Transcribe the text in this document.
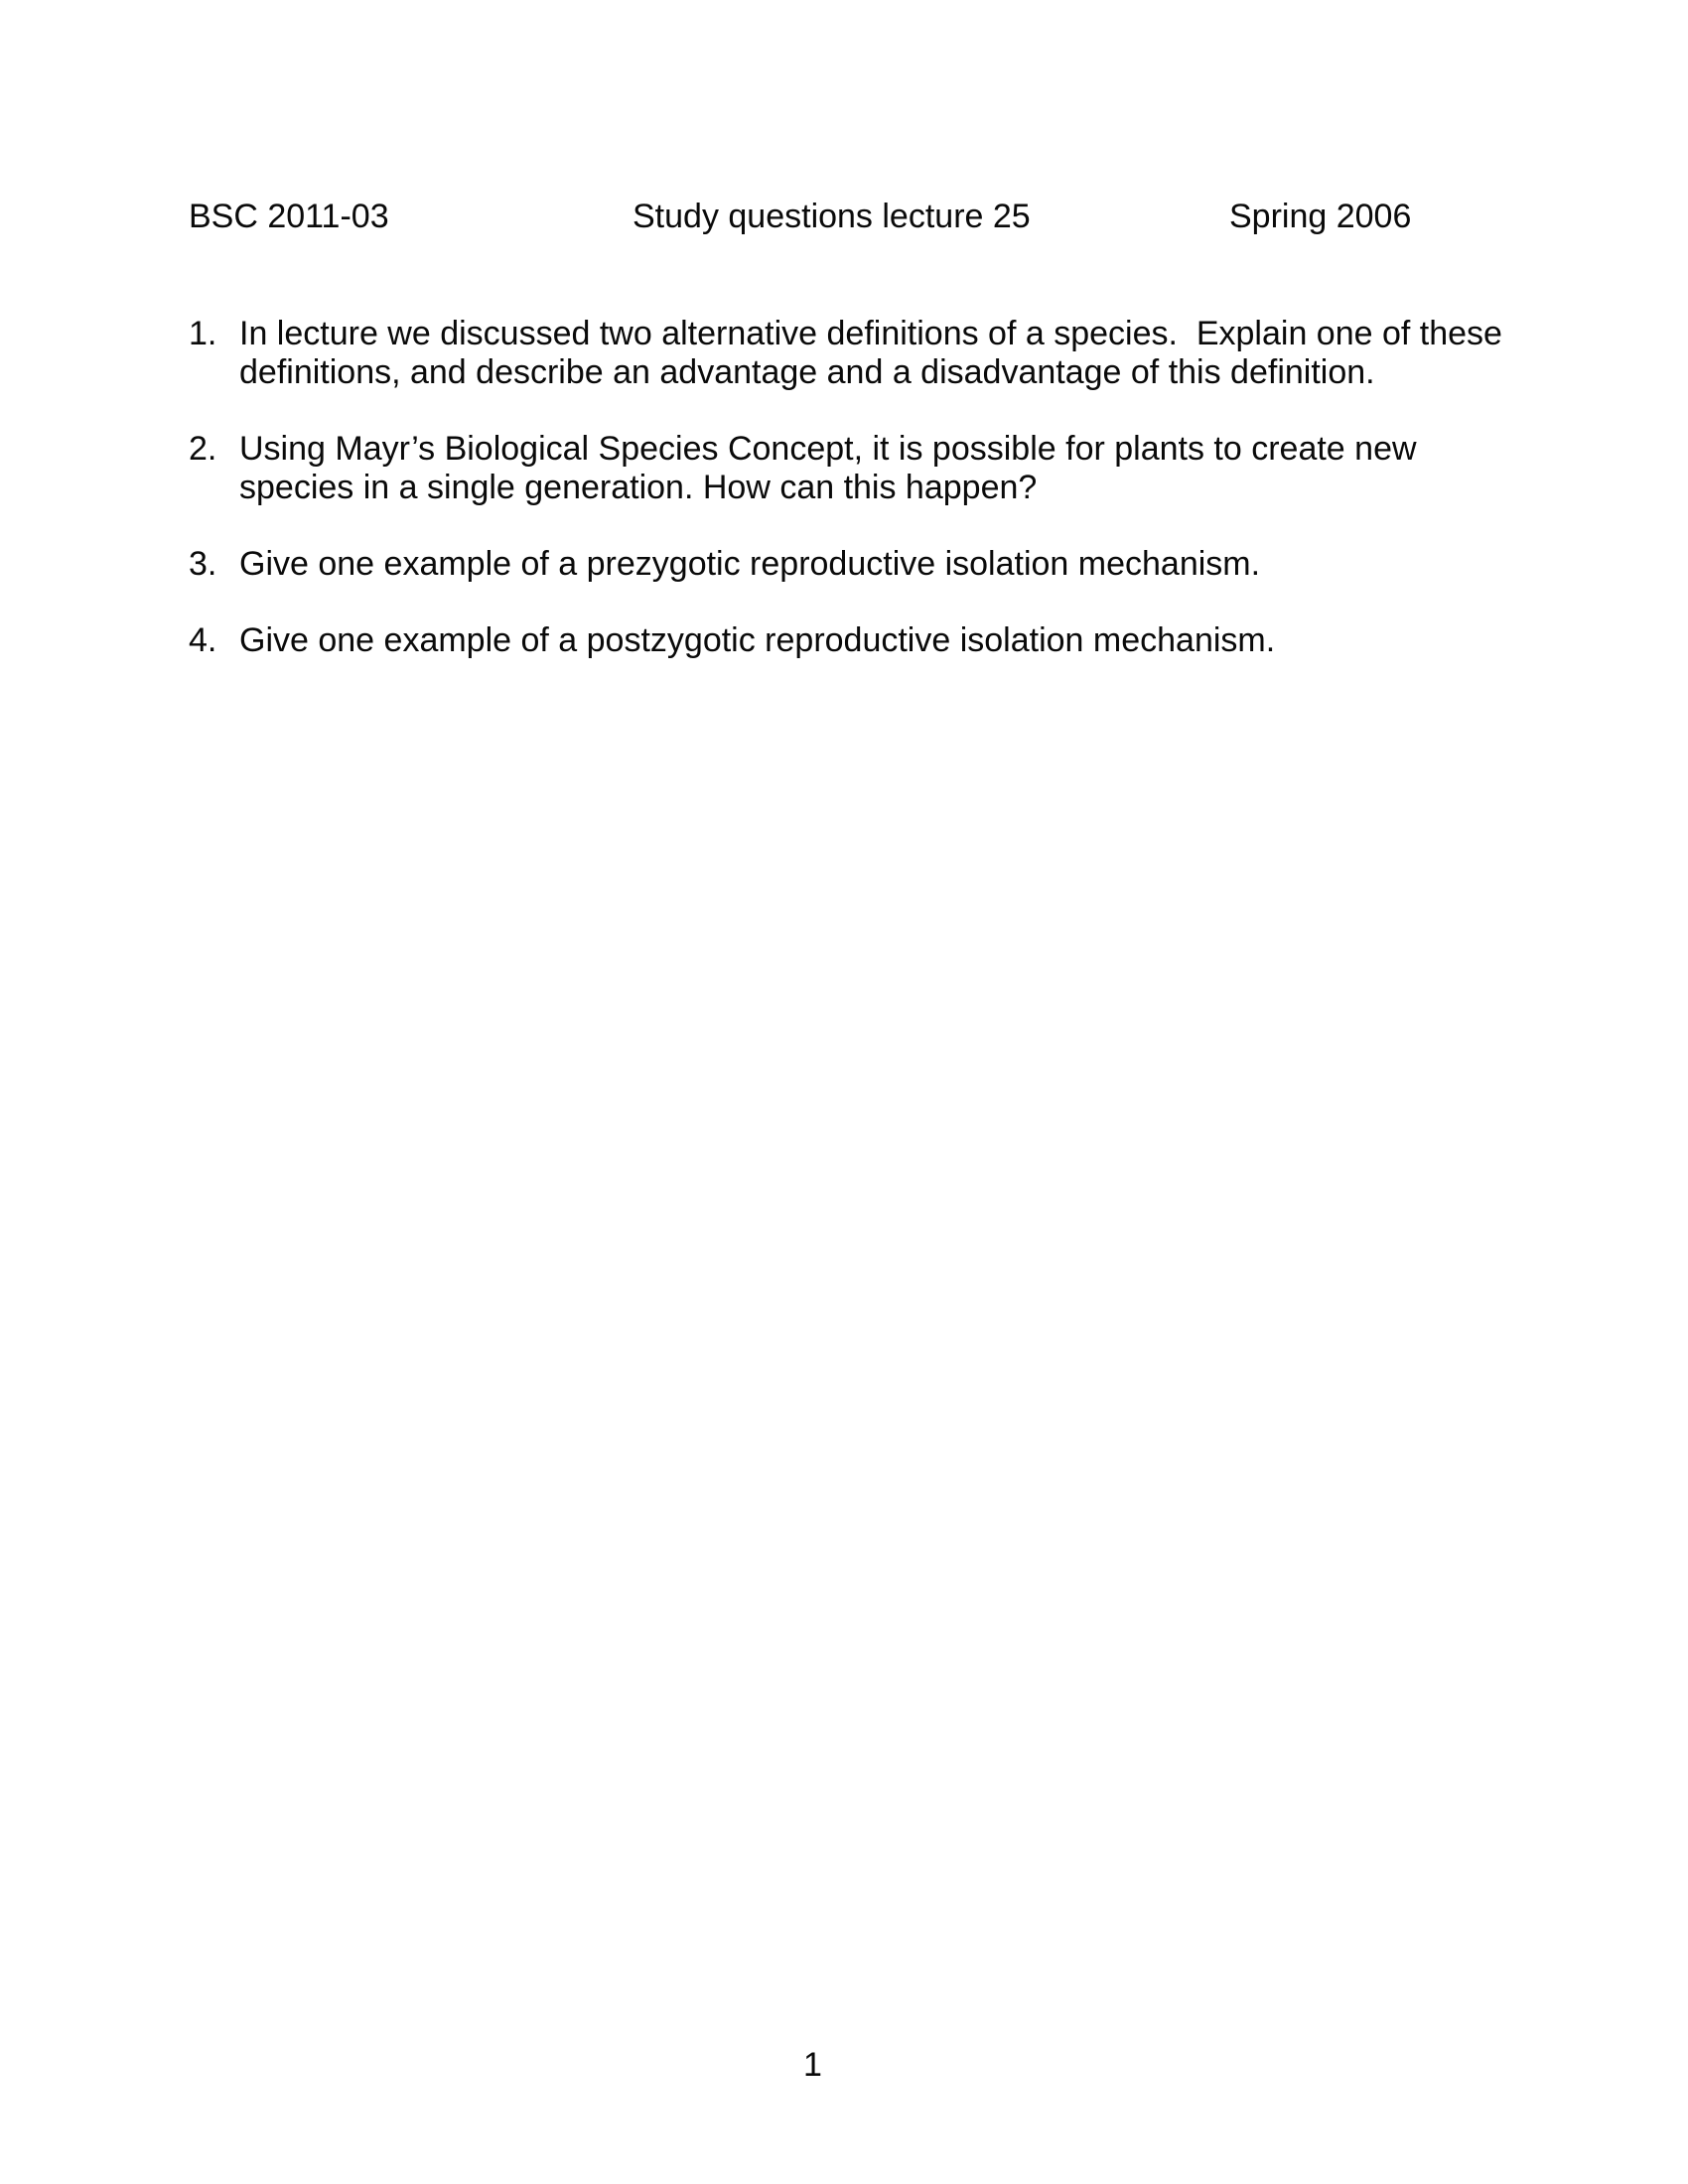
BSC 2011-03	Study questions lecture 25	Spring 2006
1. In lecture we discussed two alternative definitions of a species.  Explain one of these definitions, and describe an advantage and a disadvantage of this definition.
2. Using Mayr’s Biological Species Concept, it is possible for plants to create new species in a single generation. How can this happen?
3. Give one example of a prezygotic reproductive isolation mechanism.
4. Give one example of a postzygotic reproductive isolation mechanism.
1
